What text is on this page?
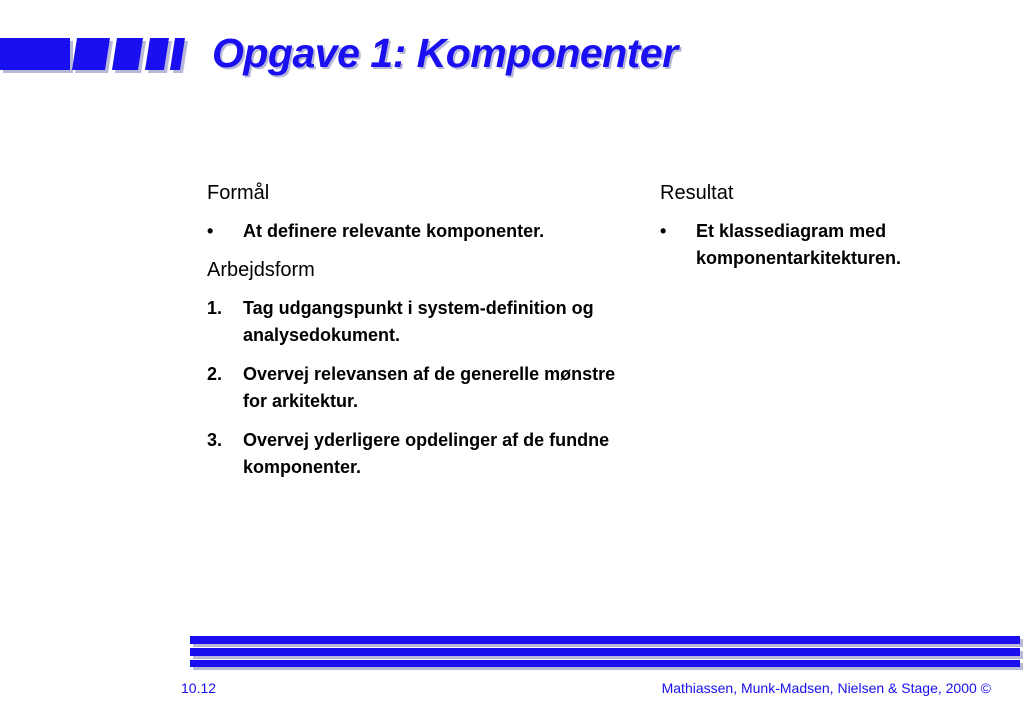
Opgave 1: Komponenter
Formål
• At definere relevante komponenter.
Arbejdsform
1. Tag udgangspunkt i system-definition og analysedokument.
2. Overvej relevansen af de generelle mønstre for arkitektur.
3. Overvej yderligere opdelinger af de fundne komponenter.
Resultat
• Et klassediagram med komponentarkitekturen.
10.12	Mathiassen, Munk-Madsen, Nielsen & Stage, 2000 ©
